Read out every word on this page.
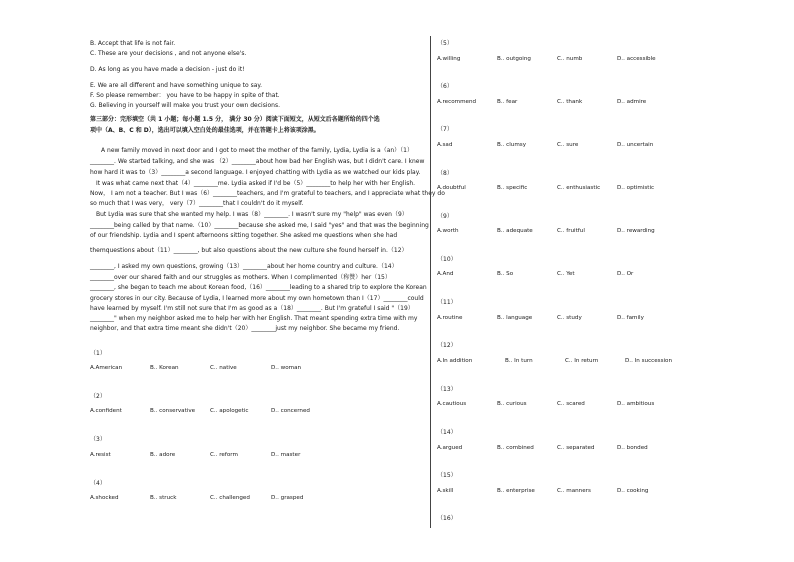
B. Accept that life is not fair.
C. These are your decisions , and not anyone else's.
D. As long as you have made a decision - just do it!
E. We are all different and have something unique to say.
F. So please remember： you have to be happy in spite of that.
G. Believing in yourself will make you trust your own decisions.
第三部分：完形填空（共 1 小题；每小题 1.5 分， 满分 30 分）阅读下面短文，从短文后各题所给的四个选
项中（A、B、C 和 D），选出可以填入空白处的最佳选项，并在答题卡上将该项涂黑。
A new family moved in next door and I got to meet the mother of the family, Lydia, Lydia is a（an）（1）
________. We started talking, and she was （2）________about how bad her English was, but I didn't care. I knew
how hard it was to（3）________a second language. I enjoyed chatting with Lydia as we watched our kids play.
It was what came next that（4）________me. Lydia asked if I'd be（5）________to help her with her English.
Now， I am not a teacher. But I was（6）________teachers, and I'm grateful to teachers, and I appreciate what they do
so much that I was very， very（7）________that I couldn't do it myself.
But Lydia was sure that she wanted my help. I was（8）________. I wasn't sure my "help" was even（9）
________being called by that name.（10）________because she asked me, I said "yes" and that was the beginning
of our friendship. Lydia and I spent afternoons sitting together. She asked me questions when she had
themquestions about（11）________, but also questions about the new culture she found herself in.（12）
________, I asked my own questions, growing（13）________about her home country and culture.（14）
________over our shared faith and our struggles as mothers. When I complimented（称赞）her（15）
________, she began to teach me about Korean food,（16）________leading to a shared trip to explore the Korean
grocery stores in our city. Because of Lydia, I learned more about my own hometown than I（17）________could
have learned by myself. I'm still not sure that I'm as good as a（18）________. But I'm grateful I said "（19）
________" when my neighbor asked me to help her with her English. That meant spending extra time with my
neighbor, and that extra time meant she didn't（20）________just my neighbor. She became my friend.
（1）
A.American	B.. Korean	C.. native	D.. woman
（2）
A.confident	B.. conservative	C.. apologetic	D.. concerned
（3）
A.resist	B.. adore	C.. reform	D.. master
（4）
A.shocked	B.. struck	C.. challenged	D.. grasped
（5）
A.willing	B.. outgoing	C.. numb	D.. accessible
（6）
A.recommend	B.. fear	C.. thank	D.. admire
（7）
A.sad	B.. clumsy	C.. sure	D.. uncertain
（8）
A.doubtful	B.. specific	C.. enthusiastic	D.. optimistic
（9）
A.worth	B.. adequate	C.. fruitful	D.. rewarding
（10）
A.And	B.. So	C.. Yet	D.. Or
（11）
A.routine	B.. language	C.. study	D.. family
（12）
A.In addition	B.. In turn	C.. In return	D.. In succession
（13）
A.cautious	B.. curious	C.. scared	D.. ambitious
（14）
A.argued	B.. combined	C.. separated	D.. bonded
（15）
A.skill	B.. enterprise	C.. manners	D.. cooking
（16）
